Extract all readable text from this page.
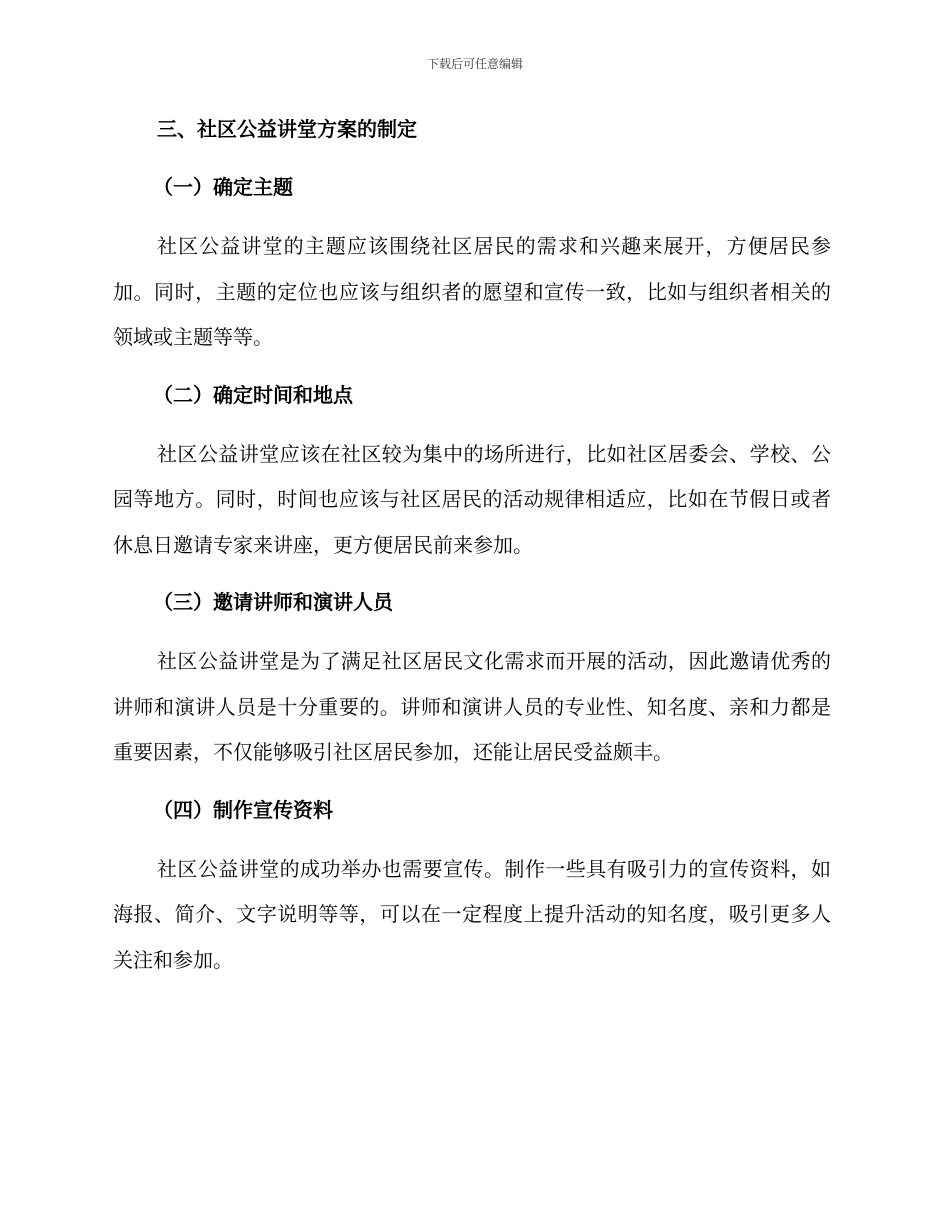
下载后可任意编辑
三、社区公益讲堂方案的制定
（一）确定主题

社区公益讲堂的主题应该围绕社区居民的需求和兴趣来展开，方便居民参加。同时，主题的定位也应该与组织者的愿望和宣传一致，比如与组织者相关的领域或主题等等。

（二）确定时间和地点

社区公益讲堂应该在社区较为集中的场所进行，比如社区居委会、学校、公园等地方。同时，时间也应该与社区居民的活动规律相适应，比如在节假日或者休息日邀请专家来讲座，更方便居民前来参加。

（三）邀请讲师和演讲人员

社区公益讲堂是为了满足社区居民文化需求而开展的活动，因此邀请优秀的讲师和演讲人员是十分重要的。讲师和演讲人员的专业性、知名度、亲和力都是重要因素，不仅能够吸引社区居民参加，还能让居民受益颇丰。

（四）制作宣传资料

社区公益讲堂的成功举办也需要宣传。制作一些具有吸引力的宣传资料，如海报、简介、文字说明等等，可以在一定程度上提升活动的知名度，吸引更多人关注和参加。
